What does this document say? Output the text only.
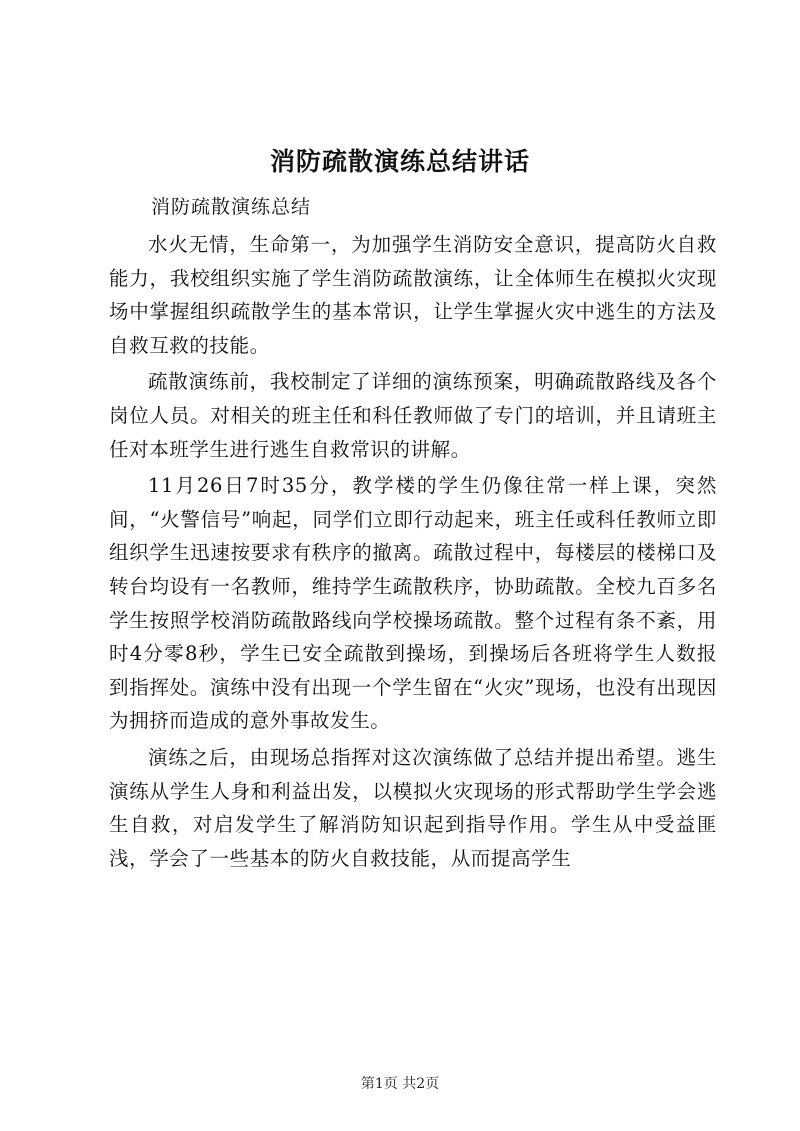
消防疏散演练总结讲话
消防疏散演练总结

水火无情，生命第一，为加强学生消防安全意识，提高防火自救能力，我校组织实施了学生消防疏散演练，让全体师生在模拟火灾现场中掌握组织疏散学生的基本常识，让学生掌握火灾中逃生的方法及自救互救的技能。

疏散演练前，我校制定了详细的演练预案，明确疏散路线及各个岗位人员。对相关的班主任和科任教师做了专门的培训，并且请班主任对本班学生进行逃生自救常识的讲解。

11月26日7时35分，教学楼的学生仍像往常一样上课，突然间，“火警信号”响起，同学们立即行动起来，班主任或科任教师立即组织学生迅速按要求有秩序的撤离。疏散过程中，每楼层的楼梯口及转台均设有一名教师，维持学生疏散秩序，协助疏散。全校九百多名学生按照学校消防疏散路线向学校操场疏散。整个过程有条不紊，用时4分零8秒，学生已安全疏散到操场，到操场后各班将学生人数报到指挥处。演练中没有出现一个学生留在“火灾”现场，也没有出现因为拥挤而造成的意外事故发生。

演练之后，由现场总指挥对这次演练做了总结并提出希望。逃生演练从学生人身和利益出发，以模拟火灾现场的形式帮助学生学会逃生自救，对启发学生了解消防知识起到指导作用。学生从中受益匪浅，学会了一些基本的防火自救技能，从而提高学生

第1页 共2页
